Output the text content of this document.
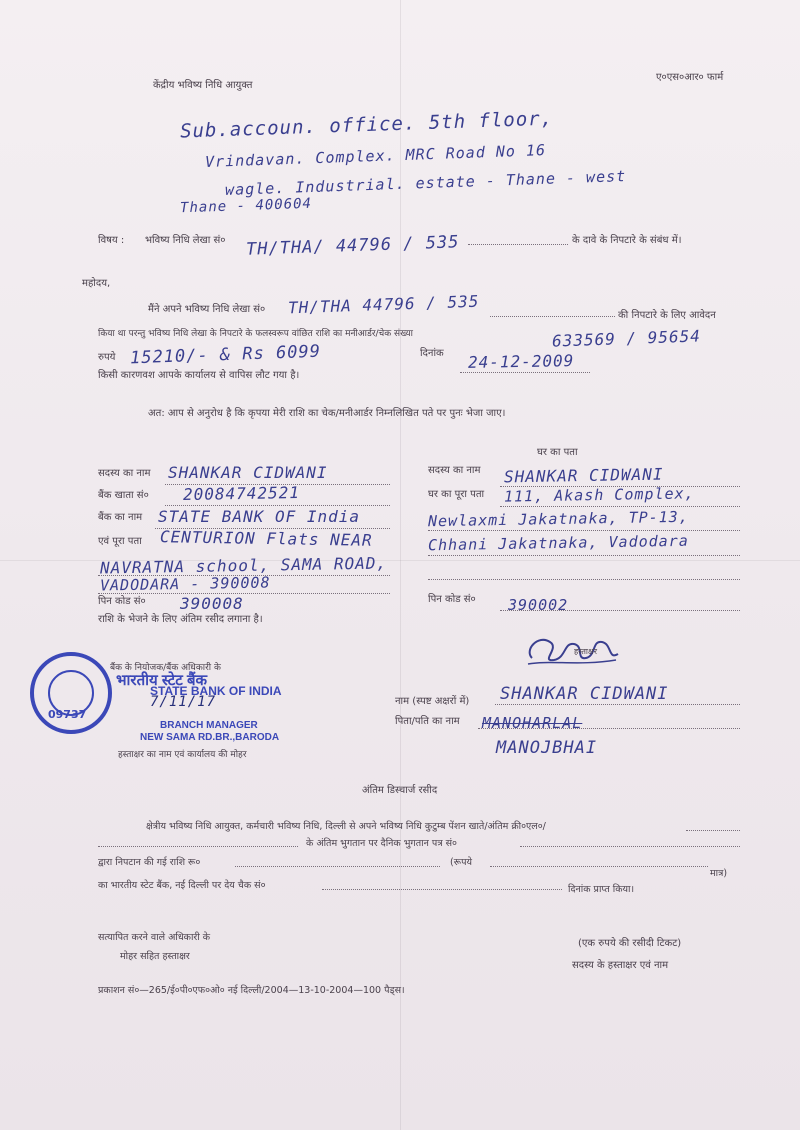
केंद्रीय भविष्य निधि आयुक्त
ए०एस०आर० फार्म
Sub.accoun. office. 5th floor,
Vrindavan. Complex. MRC Road No 16
wagle. Industrial. estate - Thane - west
Thane - 400604
विषय : भविष्य निधि लेखा सं० TH/THA/ 44796 / 535	के दावे के निपटारे के संबंध में।
महोदय,
मैंने अपने भविष्य निधि लेखा सं० TH/THA 44796 / 535	की निपटारे के लिए आवेदन
किया था परन्तु भविष्य निधि लेखा के निपटारे के फलस्वरूप वांछित राशि का मनीआर्डर/चेक संख्या	633569 / 95654
रुपये 15210/- & Rs 6099	दिनांक 24-12-2009
किसी कारणवश आपके कार्यालय से वापिस लौट गया है।
अत: आप से अनुरोध है कि कृपया मेरी राशि का चेक/मनीआर्डर निम्नलिखित पते पर पुनः भेजा जाए।
घर का पता
सदस्य का नाम SHANKAR CIDWANI
बैंक खाता सं० 20084742521
बैंक का नाम STATE BANK OF India
एवं पूरा पता CENTURION Flats NEAR
NAVRATNA school, SAMA ROAD,
VADODARA - 390008
पिन कोड सं० 390008
राशि के भेजने के लिए अंतिम रसीद लगाना है।
सदस्य का नाम SHANKAR CIDWANI
घर का पूरा पता 111, Akash Complex,
Newlaxmi Jakatnaka, TP-13,
Chhani Jakatnaka, Vadodara
पिन कोड सं० 390002
हस्ताक्षर
09737
बैंक के नियोजक/बैंक अधिकारी के
भारतीय स्टेट बैंक
STATE BANK OF INDIA
7/11/17
BRANCH MANAGER
NEW SAMA RD.BR.,BARODA
हस्ताक्षर का नाम एवं कार्यालय की मोहर
नाम (स्पष्ट अक्षरों में) SHANKAR CIDWANI
पिता/पति का नाम MANOHARLAL
MANOJBHAI
अंतिम डिस्चार्ज रसीद
क्षेत्रीय भविष्य निधि आयुक्त, कर्मचारी भविष्य निधि, दिल्ली से अपने भविष्य निधि कुटुम्ब पेंशन खाते/अंतिम क्री०एल०/
के अंतिम भुगतान पर दैनिक भुगतान पत्र सं०
द्वारा निपटान की गई राशि रू०	(रूपये
मात्र)
का भारतीय स्टेट बैंक, नई दिल्ली पर देय चैक सं०	दिनांक प्राप्त किया।
सत्यापित करने वाले अधिकारी के
मोहर सहित हस्ताक्षर
(एक रुपये की रसीदी टिकट)
सदस्य के हस्ताक्षर एवं नाम
प्रकाशन सं०—265/ई०पी०एफ०ओ० नई दिल्ली/2004—13-10-2004—100 पैड्स।
